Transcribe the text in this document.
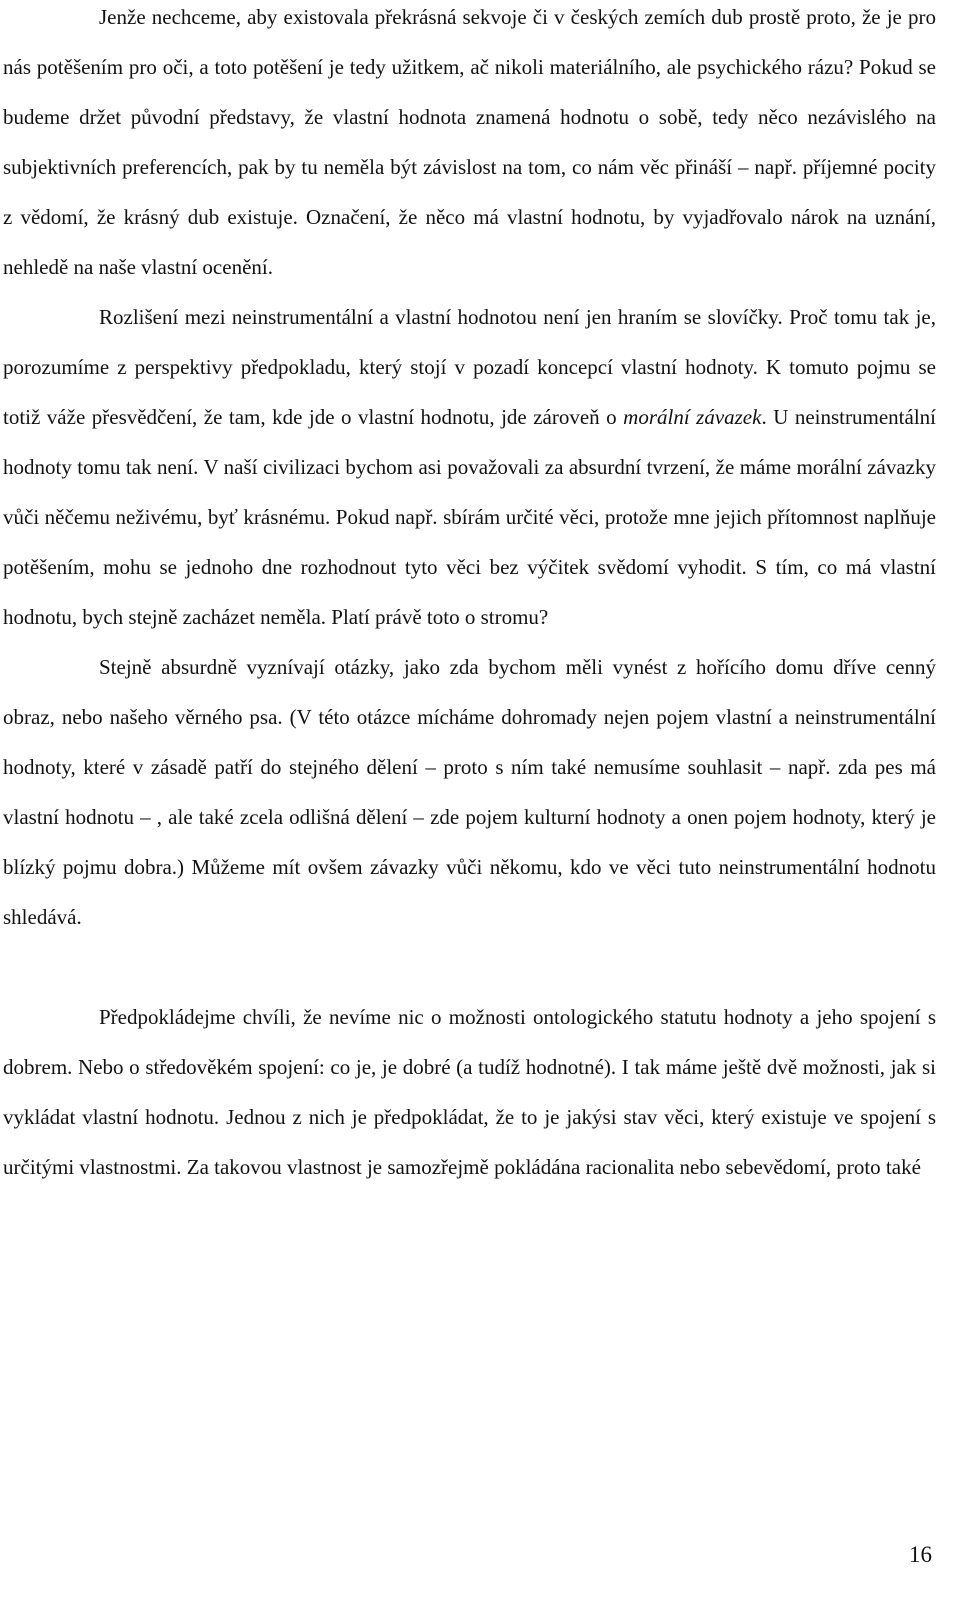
Jenže nechceme, aby existovala překrásná sekvoje či v českých zemích dub prostě proto, že je pro nás potěšením pro oči, a toto potěšení je tedy užitkem, ač nikoli materiálního, ale psychického rázu? Pokud se budeme držet původní představy, že vlastní hodnota znamená hodnotu o sobě, tedy něco nezávislého na subjektivních preferencích, pak by tu neměla být závislost na tom, co nám věc přináší – např. příjemné pocity z vědomí, že krásný dub existuje. Označení, že něco má vlastní hodnotu, by vyjadřovalo nárok na uznání, nehledě na naše vlastní ocenění.

Rozlišení mezi neinstrumentální a vlastní hodnotou není jen hraním se slovíčky. Proč tomu tak je, porozumíme z perspektivy předpokladu, který stojí v pozadí koncepcí vlastní hodnoty. K tomuto pojmu se totiž váže přesvědčení, že tam, kde jde o vlastní hodnotu, jde zároveň o morální závazek. U neinstrumentální hodnoty tomu tak není. V naší civilizaci bychom asi považovali za absurdní tvrzení, že máme morální závazky vůči něčemu neživému, byť krásnému. Pokud např. sbírám určité věci, protože mne jejich přítomnost naplňuje potěšením, mohu se jednoho dne rozhodnout tyto věci bez výčitek svědomí vyhodit. S tím, co má vlastní hodnotu, bych stejně zacházet neměla. Platí právě toto o stromu?

Stejně absurdně vyznívají otázky, jako zda bychom měli vynést z hořícího domu dříve cenný obraz, nebo našeho věrného psa. (V této otázce mícháme dohromady nejen pojem vlastní a neinstrumentální hodnoty, které v zásadě patří do stejného dělení – proto s ním také nemusíme souhlasit – např. zda pes má vlastní hodnotu – , ale také zcela odlišná dělení – zde pojem kulturní hodnoty a onen pojem hodnoty, který je blízký pojmu dobra.) Můžeme mít ovšem závazky vůči někomu, kdo ve věci tuto neinstrumentální hodnotu shledává.

Předpokládejme chvíli, že nevíme nic o možnosti ontologického statutu hodnoty a jeho spojení s dobrem. Nebo o středověkém spojení: co je, je dobré (a tudíž hodnotné). I tak máme ještě dvě možnosti, jak si vykládat vlastní hodnotu. Jednou z nich je předpokládat, že to je jakýsi stav věci, který existuje ve spojení s určitými vlastnostmi. Za takovou vlastnost je samozřejmě pokládána racionalita nebo sebevědomí, proto také

16
